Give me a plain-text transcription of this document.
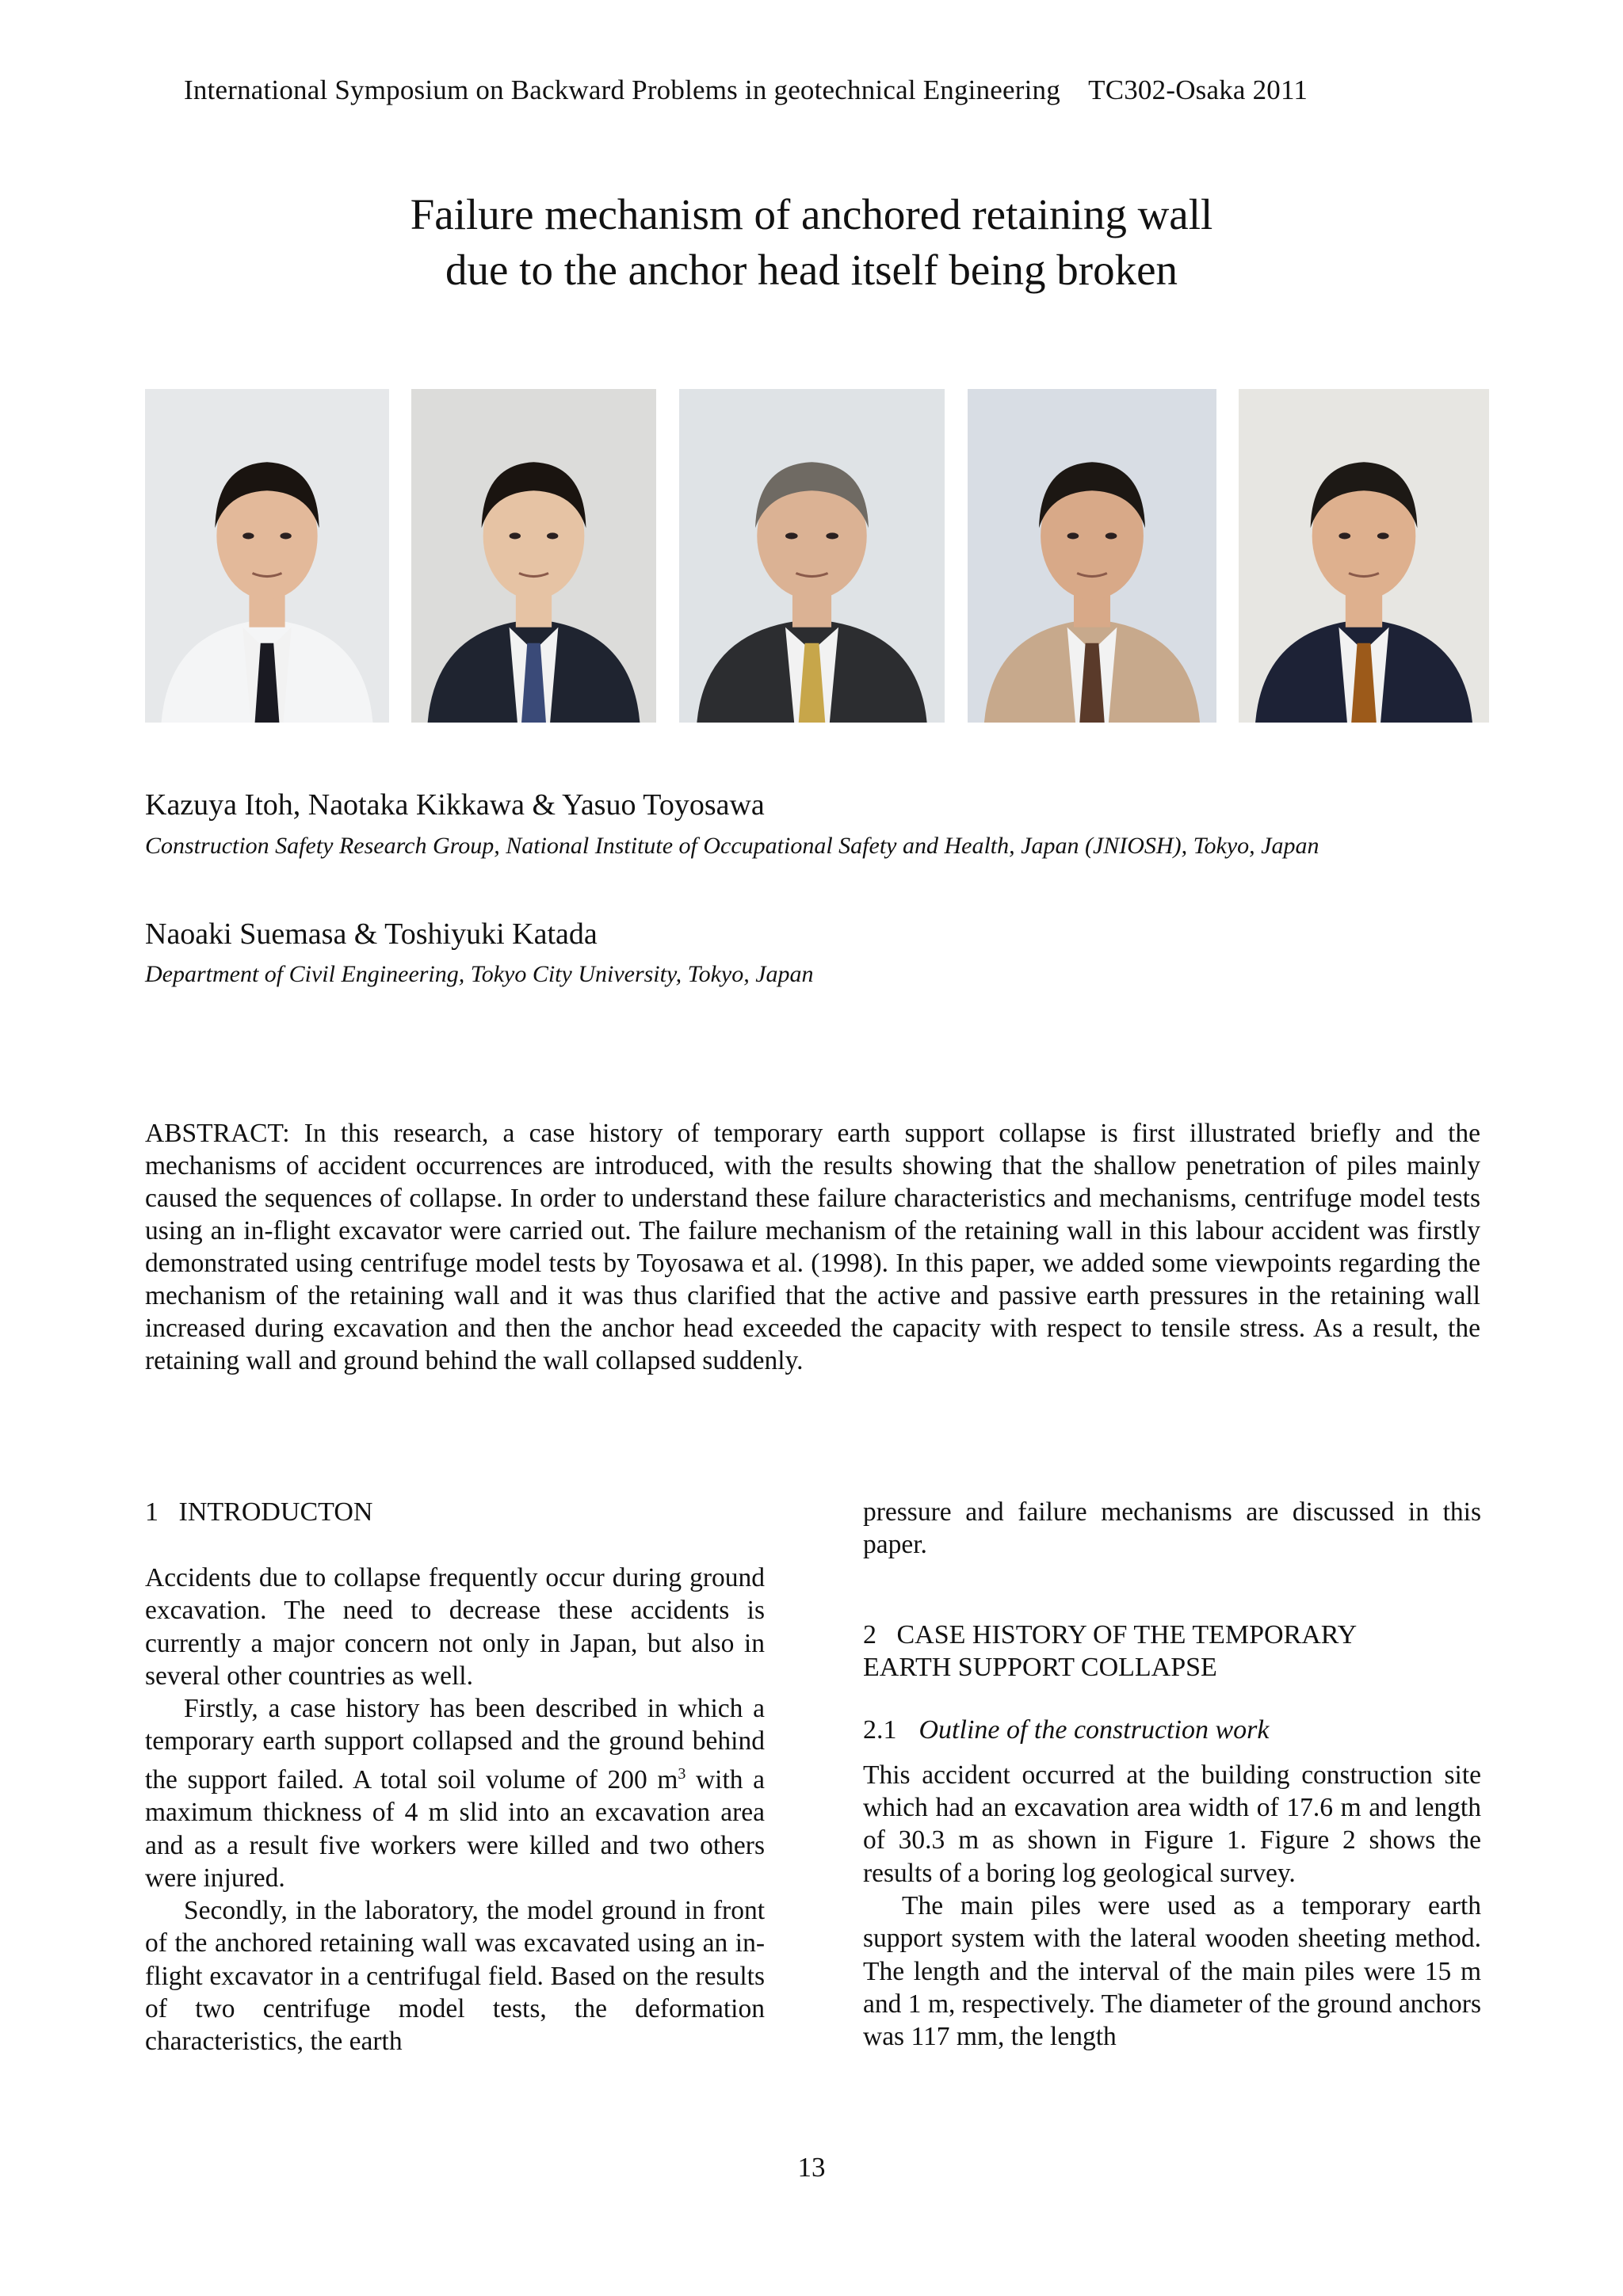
International Symposium on Backward Problems in geotechnical Engineering    TC302-Osaka 2011
Failure mechanism of anchored retaining wall
due to the anchor head itself being broken
Kazuya Itoh, Naotaka Kikkawa & Yasuo Toyosawa
Construction Safety Research Group, National Institute of Occupational Safety and Health, Japan (JNIOSH), Tokyo, Japan
Naoaki Suemasa & Toshiyuki Katada
Department of Civil Engineering, Tokyo City University, Tokyo, Japan
ABSTRACT: In this research, a case history of temporary earth support collapse is first illustrated briefly and the mechanisms of accident occurrences are introduced, with the results showing that the shallow penetration of piles mainly caused the sequences of collapse. In order to understand these failure characteristics and mechanisms, centrifuge model tests using an in-flight excavator were carried out. The failure mechanism of the retaining wall in this labour accident was firstly demonstrated using centrifuge model tests by Toyosawa et al. (1998). In this paper, we added some viewpoints regarding the mechanism of the retaining wall and it was thus clarified that the active and passive earth pressures in the retaining wall increased during excavation and then the anchor head exceeded the capacity with respect to tensile stress. As a result, the retaining wall and ground behind the wall collapsed suddenly.

1   INTRODUCTON

Accidents due to collapse frequently occur during ground excavation. The need to decrease these accidents is currently a major concern not only in Japan, but also in several other countries as well.

Firstly, a case history has been described in which a temporary earth support collapsed and the ground behind the support failed. A total soil volume of 200 $m^3$ with a maximum thickness of 4 m slid into an excavation area and as a result five workers were killed and two others were injured.

Secondly, in the laboratory, the model ground in front of the anchored retaining wall was excavated using an in-flight excavator in a centrifugal field. Based on the results of two centrifuge model tests, the deformation characteristics, the earth

pressure and failure mechanisms are discussed in this paper.

2   CASE HISTORY OF THE TEMPORARY

EARTH SUPPORT COLLAPSE

2.1 Outline of the construction work

This accident occurred at the building construction site which had an excavation area width of 17.6 m and length of 30.3 m as shown in Figure 1. Figure 2 shows the results of a boring log geological survey.

The main piles were used as a temporary earth support system with the lateral wooden sheeting method. The length and the interval of the main piles were 15 m and 1 m, respectively. The diameter of the ground anchors was 117 mm, the length

13
